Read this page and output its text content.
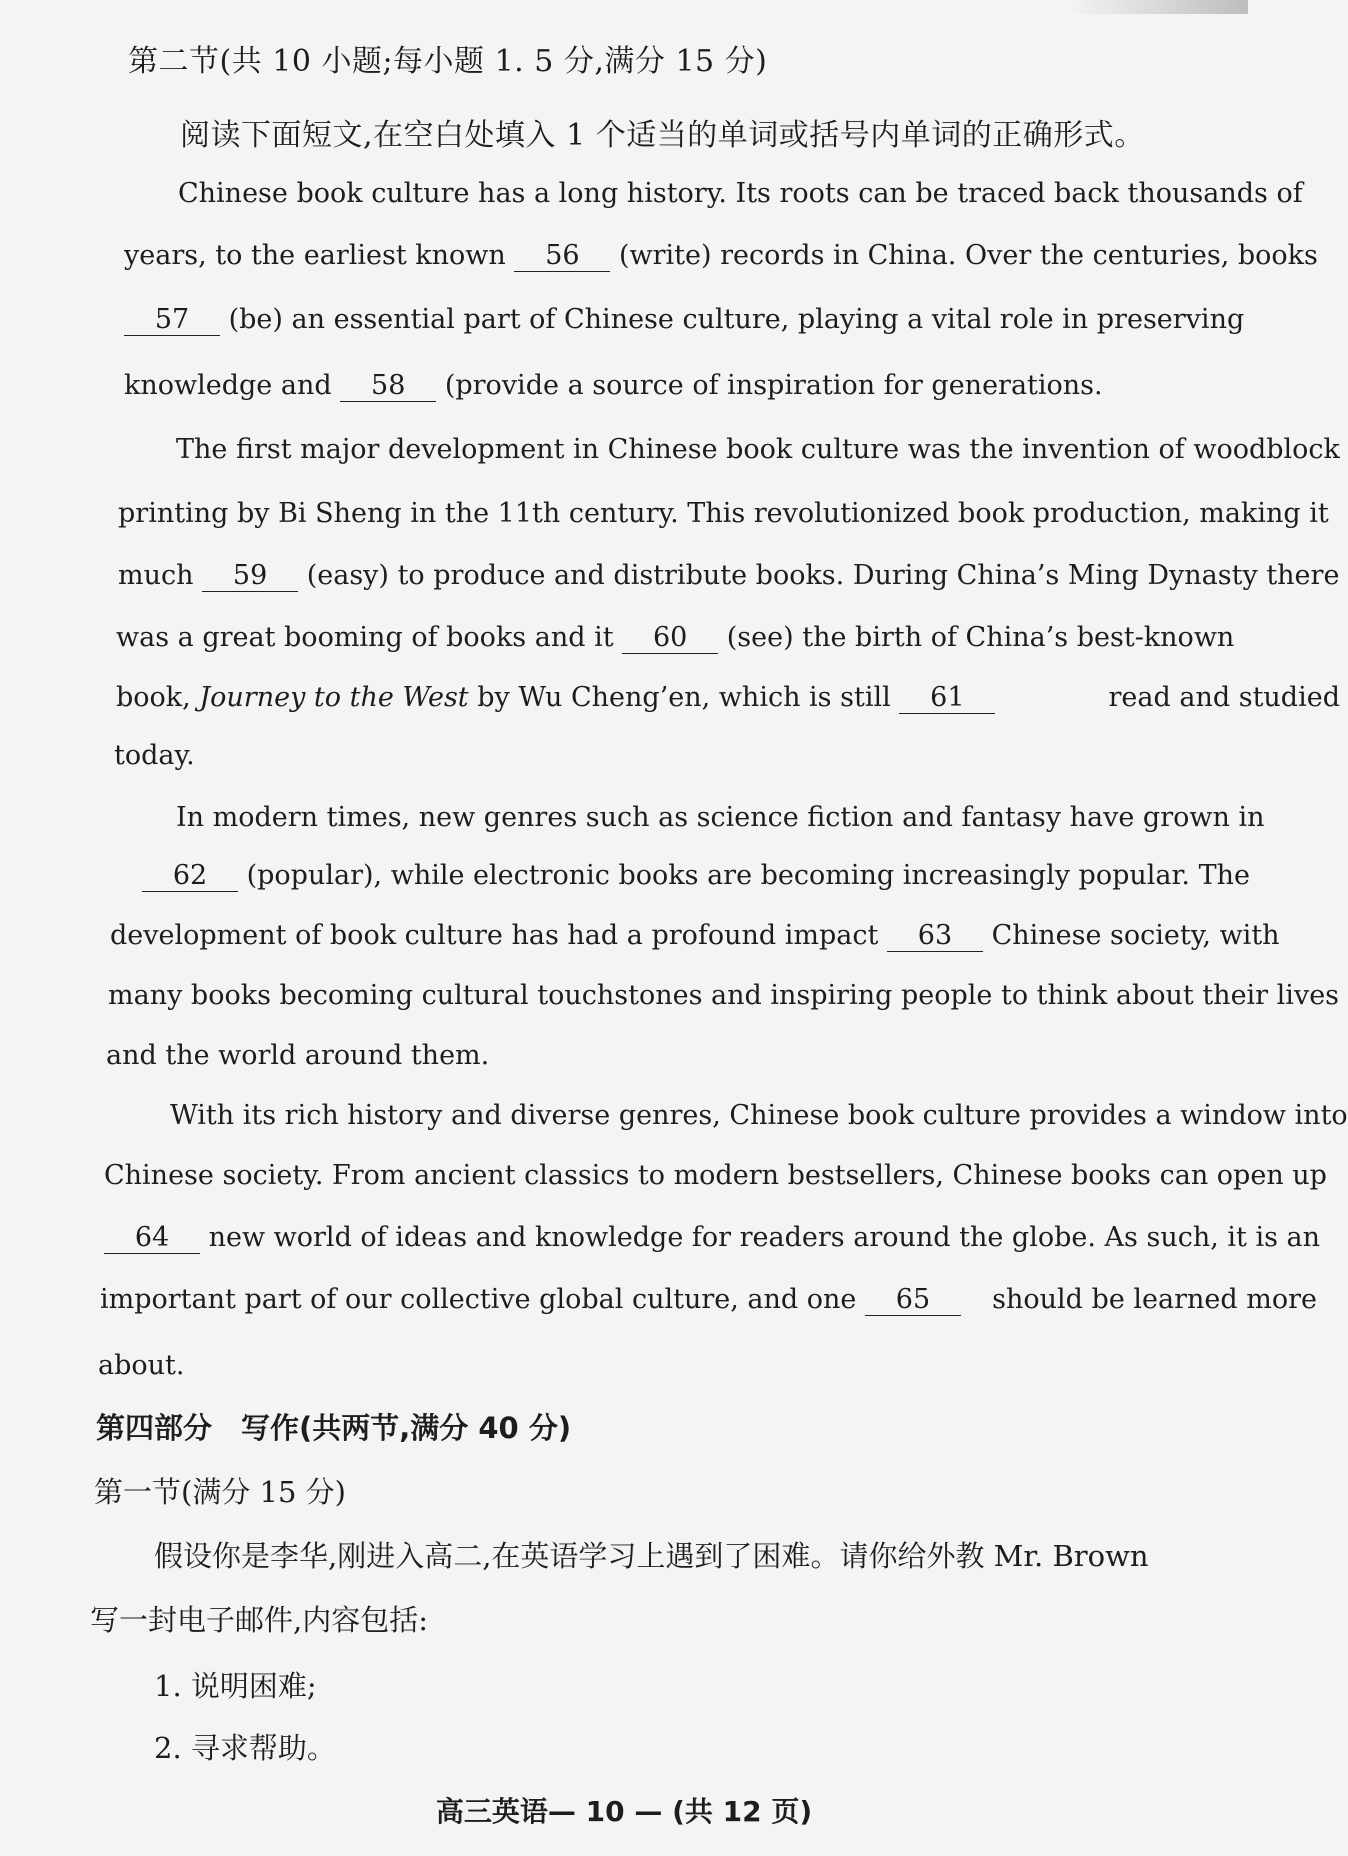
第二节(共 10 小题;每小题 1. 5 分,满分 15 分)
阅读下面短文,在空白处填入 1 个适当的单词或括号内单词的正确形式。
Chinese book culture has a long history. Its roots can be traced back thousands of
years, to the earliest known 56 (write) records in China. Over the centuries, books
57 (be) an essential part of Chinese culture, playing a vital role in preserving
knowledge and 58 (provide a source of inspiration for generations.
The first major development in Chinese book culture was the invention of woodblock
printing by Bi Sheng in the 11th century. This revolutionized book production, making it
much 59 (easy) to produce and distribute books. During China’s Ming Dynasty there
was a great booming of books and it 60 (see) the birth of China’s best-known
book, Journey to the West by Wu Cheng’en, which is still 61	read and studied
today.
In modern times, new genres such as science fiction and fantasy have grown in
62 (popular), while electronic books are becoming increasingly popular. The
development of book culture has had a profound impact 63 Chinese society, with
many books becoming cultural touchstones and inspiring people to think about their lives
and the world around them.
With its rich history and diverse genres, Chinese book culture provides a window into
Chinese society. From ancient classics to modern bestsellers, Chinese books can open up
64 new world of ideas and knowledge for readers around the globe. As such, it is an
important part of our collective global culture, and one 65 should be learned more
about.
第四部分　写作(共两节,满分 40 分)
第一节(满分 15 分)
假设你是李华,刚进入高二,在英语学习上遇到了困难。请你给外教 Mr. Brown
写一封电子邮件,内容包括:
1. 说明困难;
2. 寻求帮助。
高三英语— 10 — (共 12 页)
